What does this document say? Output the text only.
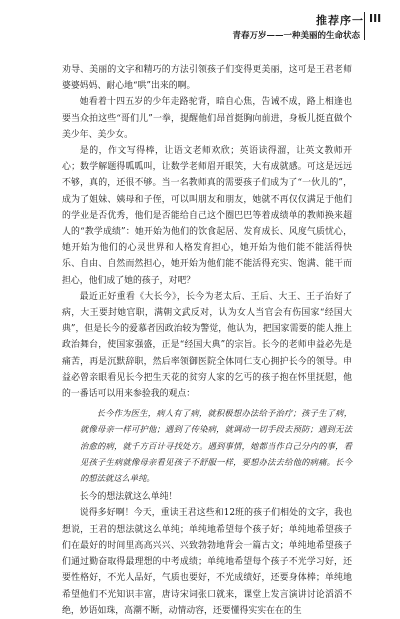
推荐序一 III
青春万岁——一种美丽的生命状态

劝导、美丽的文字和精巧的方法引领孩子们变得更美丽，这可是王君老师婆婆妈妈、耐心地“哄”出来的啊。

她看着十四五岁的少年走路驼背，暗自心焦，告诫不成，路上相逢也要当众拍这些“哥们儿”一拳，提醒他们昂首挺胸向前进，身板儿挺直做个美少年、美少女。

是的，作文写得棒，让语文老师欢欣；英语读得溜，让英文教师开心；数学解题得呱呱叫，让数学老师眉开眼笑，大有成就感。可这是远远不够，真的，还很不够。当一名教师真的需要孩子们成为了“一伙儿的”，成为了姐妹、姨母和子侄，可以叫朋友和朋友，她就不再仅仅满足于他们的学业是否优秀，他们是否能给自己这个圈巴巴等着成绩单的教师换来超人的“教学成绩”：她开始为他们的饮食起居、发育成长、风度气质忧心，她开始为他们的心灵世界和人格发育担心，她开始为他们能不能活得快乐、自由、自然而然担心，她开始为他们能不能活得充实、饱满、能干而担心，他们成了她的孩子，对吧？

最近正好重看《大长今》，长今为老太后、王后、大王、王子治好了病，大王要封她官职，满朝文武反对，认为女人当官会有伤国家“经国大典”，但是长今的爱慕者因政治较为警觉，他认为，把国家需要的能人推上政治舞台，使国家强盛，正是“经国大典”的宗旨。长今的老师申益必先是痛苦，再是沉默辞职，然后率领御医院全体同仁支心拥护长今的领导。申益必曾亲眼看见长今把生天花的贫穷人家的乞丐的孩子抱在怀里抚慰，他的一番话可以用来参验我的观点：

长今作为医生，病人有了病，就积极想办法给予治疗；孩子生了病，就像母亲一样可护他；遇到了传染病，就调动一切手段去预防；遇到无法治愈的病，就千方百计寻找处方。遇到事情，她都当作自己分内的事，看见孩子生病就像母亲看见孩子不舒服一样，要想办法去给他的病痛。长今的想法就这么单纯。

长今的想法就这么单纯！

说得多好啊！今天，重读王君这些和12班的孩子们相处的文字，我也想说，王君的想法就这么单纯；单纯地希望每个孩子好；单纯地希望孩子们在最好的时间里高高兴兴、兴致勃勃地背会一篇古文；单纯地希望孩子们通过勤奋取得最理想的中考成绩；单纯地希望每个孩子不光学习好，还要性格好，不光人品好，气质也要好，不光成绩好，还要身体棒；单纯地希望他们不光知识丰富，唐诗宋词张口就来，课堂上发言演讲讨论滔滔不绝，妙语如珠，高潮不断，动情动容，还要懂得实实在在的生
